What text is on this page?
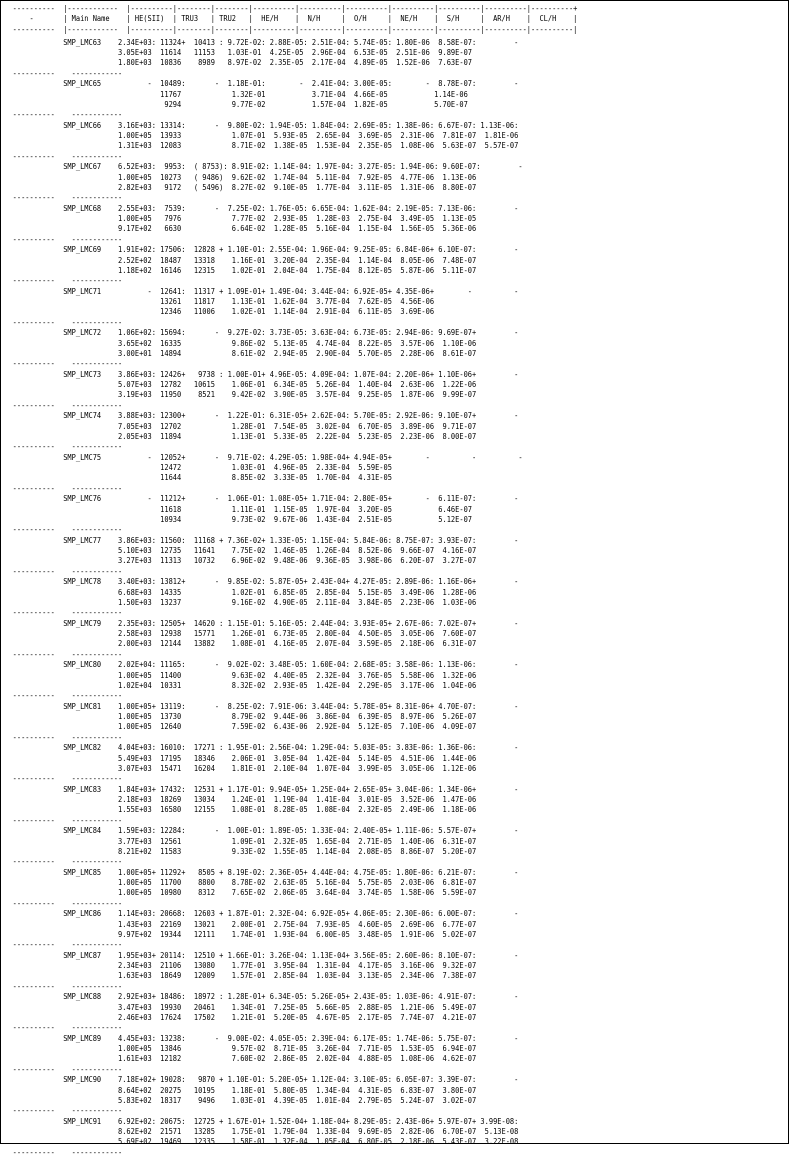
----------  |------------  |----------|--------|--------|----------|----------|----------|----------|----------|----------|----------+
-       | Main Name    | HE(SII)  | TRU3   | TRU2   |  HE/H    |  N/H     |  O/H     |  NE/H    |  S/H     |  AR/H    |  CL/H    |
----------  |------------  |----------|--------|--------|----------|----------|----------|----------|----------|----------|----------|
SMP_LMC63    2.34E+03: 11324+  10413 : 9.72E-02: 2.88E-05: 2.51E-04: 5.74E-05: 1.80E-06  8.58E-07:         -
3.05E+03  11614   11153   1.03E-01  4.25E-05  2.96E-04  6.53E-05  2.51E-06  9.89E-07
1.80E+03  10836    8989   8.97E-02  2.35E-05  2.17E-04  4.89E-05  1.52E-06  7.63E-07
----------    ------------
SMP_LMC65           -  10489:       -  1.18E-01:        -  2.41E-04: 3.00E-05:        -  8.78E-07:         -
11767            1.32E-01           3.71E-04  4.66E-05           1.14E-06
9294            9.77E-02           1.57E-04  1.82E-05           5.70E-07
----------    ------------
SMP_LMC66    3.16E+03: 13314:       -  9.80E-02: 1.94E-05: 1.84E-04: 2.69E-05: 1.38E-06: 6.67E-07: 1.13E-06:
1.00E+05  13933            1.07E-01  5.93E-05  2.65E-04  3.69E-05  2.31E-06  7.81E-07  1.81E-06
1.31E+03  12083            8.71E-02  1.38E-05  1.53E-04  2.35E-05  1.08E-06  5.63E-07  5.57E-07
----------    ------------
SMP_LMC67    6.52E+03:  9953:  ( 8753): 8.91E-02: 1.14E-04: 1.97E-04: 3.27E-05: 1.94E-06: 9.60E-07:         -
1.00E+05  10273   ( 9486)  9.62E-02  1.74E-04  5.11E-04  7.92E-05  4.77E-06  1.13E-06
2.82E+03   9172   ( 5496)  8.27E-02  9.10E-05  1.77E-04  3.11E-05  1.31E-06  8.80E-07
----------    ------------
SMP_LMC68    2.55E+03:  7539:       -  7.25E-02: 1.76E-05: 6.65E-04: 1.62E-04: 2.19E-05: 7.13E-06:         -
1.00E+05   7976            7.77E-02  2.93E-05  1.28E-03  2.75E-04  3.49E-05  1.13E-05
9.17E+02   6630            6.64E-02  1.28E-05  5.16E-04  1.15E-04  1.56E-05  5.36E-06
----------    ------------
SMP_LMC69    1.91E+02: 17506:  12828 + 1.10E-01: 2.55E-04: 1.96E-04: 9.25E-05: 6.84E-06+ 6.10E-07:         -
2.52E+02  18487   13318    1.16E-01  3.20E-04  2.35E-04  1.14E-04  8.05E-06  7.48E-07
1.18E+02  16146   12315    1.02E-01  2.04E-04  1.75E-04  8.12E-05  5.87E-06  5.11E-07
----------    ------------
SMP_LMC71           -  12641:  11317 + 1.09E-01+ 1.49E-04: 3.44E-04: 6.92E-05+ 4.35E-06+        -          -
13261   11817    1.13E-01  1.62E-04  3.77E-04  7.62E-05  4.56E-06
12346   11006    1.02E-01  1.14E-04  2.91E-04  6.11E-05  3.69E-06
----------    ------------
SMP_LMC72    1.06E+02: 15694:       -  9.27E-02: 3.73E-05: 3.63E-04: 6.73E-05: 2.94E-06: 9.69E-07+         -
3.65E+02  16335            9.86E-02  5.13E-05  4.74E-04  8.22E-05  3.57E-06  1.10E-06
3.00E+01  14894            8.61E-02  2.94E-05  2.90E-04  5.70E-05  2.28E-06  8.61E-07
----------    ------------
SMP_LMC73    3.86E+03: 12426+   9738 : 1.00E-01+ 4.96E-05: 4.09E-04: 1.07E-04: 2.20E-06+ 1.10E-06+         -
5.07E+03  12782   10615    1.06E-01  6.34E-05  5.26E-04  1.40E-04  2.63E-06  1.22E-06
3.19E+03  11950    8521    9.42E-02  3.90E-05  3.57E-04  9.25E-05  1.87E-06  9.99E-07
----------    ------------
SMP_LMC74    3.88E+03: 12300+       -  1.22E-01: 6.31E-05+ 2.62E-04: 5.70E-05: 2.92E-06: 9.10E-07+         -
7.05E+03  12702            1.28E-01  7.54E-05  3.02E-04  6.70E-05  3.89E-06  9.71E-07
2.05E+03  11894            1.13E-01  5.33E-05  2.22E-04  5.23E-05  2.23E-06  8.00E-07
----------    ------------
SMP_LMC75           -  12052+       -  9.71E-02: 4.29E-05: 1.98E-04+ 4.94E-05+        -          -          -
12472            1.03E-01  4.96E-05  2.33E-04  5.59E-05
11644            8.85E-02  3.33E-05  1.70E-04  4.31E-05
----------    ------------
SMP_LMC76           -  11212+       -  1.06E-01: 1.08E-05+ 1.71E-04: 2.80E-05+        -  6.11E-07:         -
11618            1.11E-01  1.15E-05  1.97E-04  3.20E-05           6.46E-07
10934            9.73E-02  9.67E-06  1.43E-04  2.51E-05           5.12E-07
----------    ------------
SMP_LMC77    3.86E+03: 11560:  11168 + 7.36E-02+ 1.33E-05: 1.15E-04: 5.84E-06: 8.75E-07: 3.93E-07:         -
5.10E+03  12735   11641    7.75E-02  1.46E-05  1.26E-04  8.52E-06  9.66E-07  4.16E-07
3.27E+03  11313   10732    6.96E-02  9.48E-06  9.36E-05  3.98E-06  6.20E-07  3.27E-07
----------    ------------
SMP_LMC78    3.40E+03: 13812+       -  9.85E-02: 5.87E-05+ 2.43E-04+ 4.27E-05: 2.89E-06: 1.16E-06+         -
6.68E+03  14335            1.02E-01  6.85E-05  2.85E-04  5.15E-05  3.49E-06  1.28E-06
1.50E+03  13237            9.16E-02  4.90E-05  2.11E-04  3.84E-05  2.23E-06  1.03E-06
----------    ------------
SMP_LMC79    2.35E+03: 12505+  14620 : 1.15E-01: 5.16E-05: 2.44E-04: 3.93E-05+ 2.67E-06: 7.02E-07+         -
2.58E+03  12938   15771    1.26E-01  6.73E-05  2.80E-04  4.50E-05  3.05E-06  7.60E-07
2.00E+03  12144   13882    1.08E-01  4.16E-05  2.07E-04  3.59E-05  2.18E-06  6.31E-07
----------    ------------
SMP_LMC80    2.02E+04: 11165:       -  9.02E-02: 3.48E-05: 1.60E-04: 2.68E-05: 3.58E-06: 1.13E-06:         -
1.00E+05  11400            9.63E-02  4.40E-05  2.32E-04  3.76E-05  5.58E-06  1.32E-06
1.02E+04  10331            8.32E-02  2.93E-05  1.42E-04  2.29E-05  3.17E-06  1.04E-06
----------    ------------
SMP_LMC81    1.00E+05+ 13119:       -  8.25E-02: 7.91E-06: 3.44E-04: 5.78E-05+ 8.31E-06+ 4.70E-07:         -
1.00E+05  13730            8.79E-02  9.44E-06  3.86E-04  6.39E-05  8.97E-06  5.26E-07
1.00E+05  12640            7.59E-02  6.43E-06  2.92E-04  5.12E-05  7.10E-06  4.09E-07
----------    ------------
SMP_LMC82    4.04E+03: 16010:  17271 : 1.95E-01: 2.56E-04: 1.29E-04: 5.03E-05: 3.83E-06: 1.36E-06:         -
5.49E+03  17195   18346    2.06E-01  3.05E-04  1.42E-04  5.14E-05  4.51E-06  1.44E-06
3.07E+03  15471   16204    1.81E-01  2.10E-04  1.07E-04  3.99E-05  3.05E-06  1.12E-06
----------    ------------
SMP_LMC83    1.84E+03+ 17432:  12531 + 1.17E-01: 9.94E-05+ 1.25E-04+ 2.65E-05+ 3.04E-06: 1.34E-06+         -
2.18E+03  18269   13034    1.24E-01  1.19E-04  1.41E-04  3.01E-05  3.52E-06  1.47E-06
1.55E+03  16580   12155    1.08E-01  8.28E-05  1.08E-04  2.32E-05  2.49E-06  1.18E-06
----------    ------------
SMP_LMC84    1.59E+03: 12284:       -  1.00E-01: 1.89E-05: 1.33E-04: 2.40E-05+ 1.11E-06: 5.57E-07+         -
3.77E+03  12561            1.09E-01  2.32E-05  1.65E-04  2.71E-05  1.40E-06  6.31E-07
8.21E+02  11583            9.33E-02  1.55E-05  1.14E-04  2.08E-05  8.86E-07  5.20E-07
----------    ------------
SMP_LMC85    1.00E+05+ 11292+   8505 + 8.19E-02: 2.36E-05+ 4.44E-04: 4.75E-05: 1.80E-06: 6.21E-07:         -
1.00E+05  11700    8800    8.78E-02  2.63E-05  5.16E-04  5.75E-05  2.03E-06  6.81E-07
1.00E+05  10980    8312    7.65E-02  2.06E-05  3.64E-04  3.74E-05  1.58E-06  5.59E-07
----------    ------------
SMP_LMC86    1.14E+03: 20668:  12603 + 1.87E-01: 2.32E-04: 6.92E-05+ 4.06E-05: 2.30E-06: 6.00E-07:         -
1.43E+03  22169   13021    2.00E-01  2.75E-04  7.93E-05  4.60E-05  2.69E-06  6.77E-07
9.97E+02  19344   12111    1.74E-01  1.93E-04  6.00E-05  3.48E-05  1.91E-06  5.02E-07
----------    ------------
SMP_LMC87    1.95E+03+ 20114:  12510 + 1.66E-01: 3.26E-04: 1.13E-04+ 3.56E-05: 2.60E-06: 8.10E-07:         -
2.34E+03  21106   13080    1.77E-01  3.95E-04  1.31E-04  4.17E-05  3.16E-06  9.32E-07
1.63E+03  18649   12009    1.57E-01  2.85E-04  1.03E-04  3.13E-05  2.34E-06  7.38E-07
----------    ------------
SMP_LMC88    2.92E+03+ 18486:  18972 : 1.28E-01+ 6.34E-05: 5.26E-05+ 2.43E-05: 1.03E-06: 4.91E-07:         -
3.47E+03  19930   20461    1.34E-01  7.25E-05  5.66E-05  2.88E-05  1.21E-06  5.49E-07
2.46E+03  17624   17502    1.21E-01  5.20E-05  4.67E-05  2.17E-05  7.74E-07  4.21E-07
----------    ------------
SMP_LMC89    4.45E+03: 13238:       -  9.00E-02: 4.05E-05: 2.39E-04: 6.17E-05: 1.74E-06: 5.75E-07:         -
1.00E+05  13846            9.57E-02  8.71E-05  3.26E-04  7.71E-05  1.53E-05  6.94E-07
1.61E+03  12182            7.60E-02  2.86E-05  2.02E-04  4.88E-05  1.08E-06  4.62E-07
----------    ------------
SMP_LMC90    7.18E+02+ 19028:   9870 + 1.10E-01: 5.20E-05+ 1.12E-04: 3.10E-05: 6.05E-07: 3.39E-07:         -
8.64E+02  20275   10195    1.18E-01  5.80E-05  1.34E-04  4.31E-05  6.83E-07  3.80E-07
5.83E+02  18317    9496    1.03E-01  4.39E-05  1.01E-04  2.79E-05  5.24E-07  3.02E-07
----------    ------------
SMP_LMC91    6.92E+02: 20675:  12725 + 1.67E-01+ 1.52E-04+ 1.18E-04+ 8.29E-05: 2.43E-06+ 5.97E-07+ 3.99E-08:
8.62E+02  21571   13285    1.75E-01  1.79E-04  1.33E-04  9.69E-05  2.82E-06  6.70E-07  5.13E-08
5.69E+02  19469   12335    1.58E-01  1.32E-04  1.05E-04  6.80E-05  2.18E-06  5.43E-07  3.22E-08
----------    ------------
